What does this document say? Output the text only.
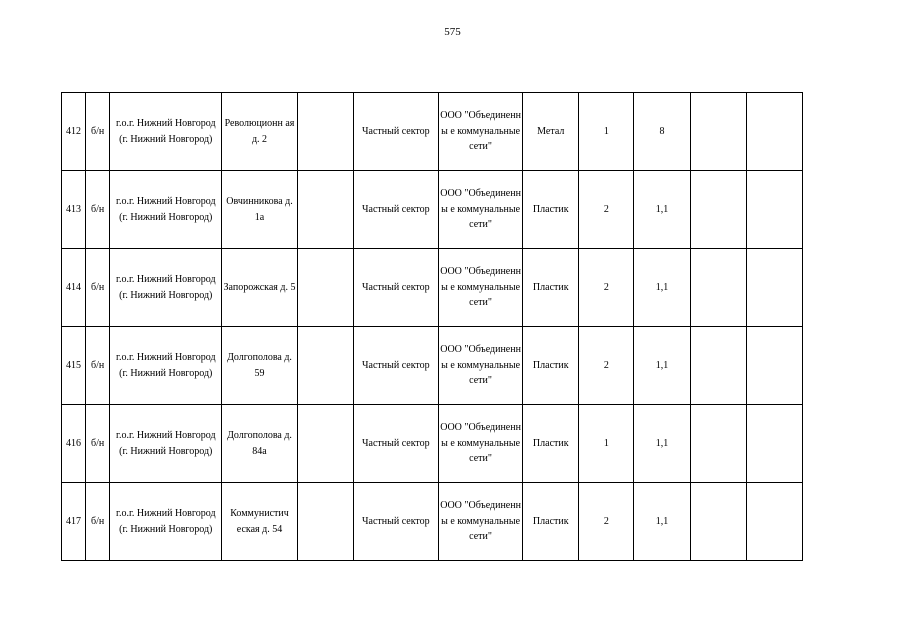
575
412	б/н	г.о.г. Нижний Новгород (г. Нижний Новгород)	Революционн ая д. 2		Частный сектор	ООО "Объединенны е коммунальные сети"	Метал	1	8		
413	б/н	г.о.г. Нижний Новгород (г. Нижний Новгород)	Овчинникова д. 1а		Частный сектор	ООО "Объединенны е коммунальные сети"	Пластик	2	1,1		
414	б/н	г.о.г. Нижний Новгород (г. Нижний Новгород)	Запорожская д. 5		Частный сектор	ООО "Объединенны е коммунальные сети"	Пластик	2	1,1		
415	б/н	г.о.г. Нижний Новгород (г. Нижний Новгород)	Долгополова д. 59		Частный сектор	ООО "Объединенны е коммунальные сети"	Пластик	2	1,1		
416	б/н	г.о.г. Нижний Новгород (г. Нижний Новгород)	Долгополова д. 84а		Частный сектор	ООО "Объединенны е коммунальные сети"	Пластик	1	1,1		
417	б/н	г.о.г. Нижний Новгород (г. Нижний Новгород)	Коммунистич еская д. 54		Частный сектор	ООО "Объединенны е коммунальные сети"	Пластик	2	1,1		
